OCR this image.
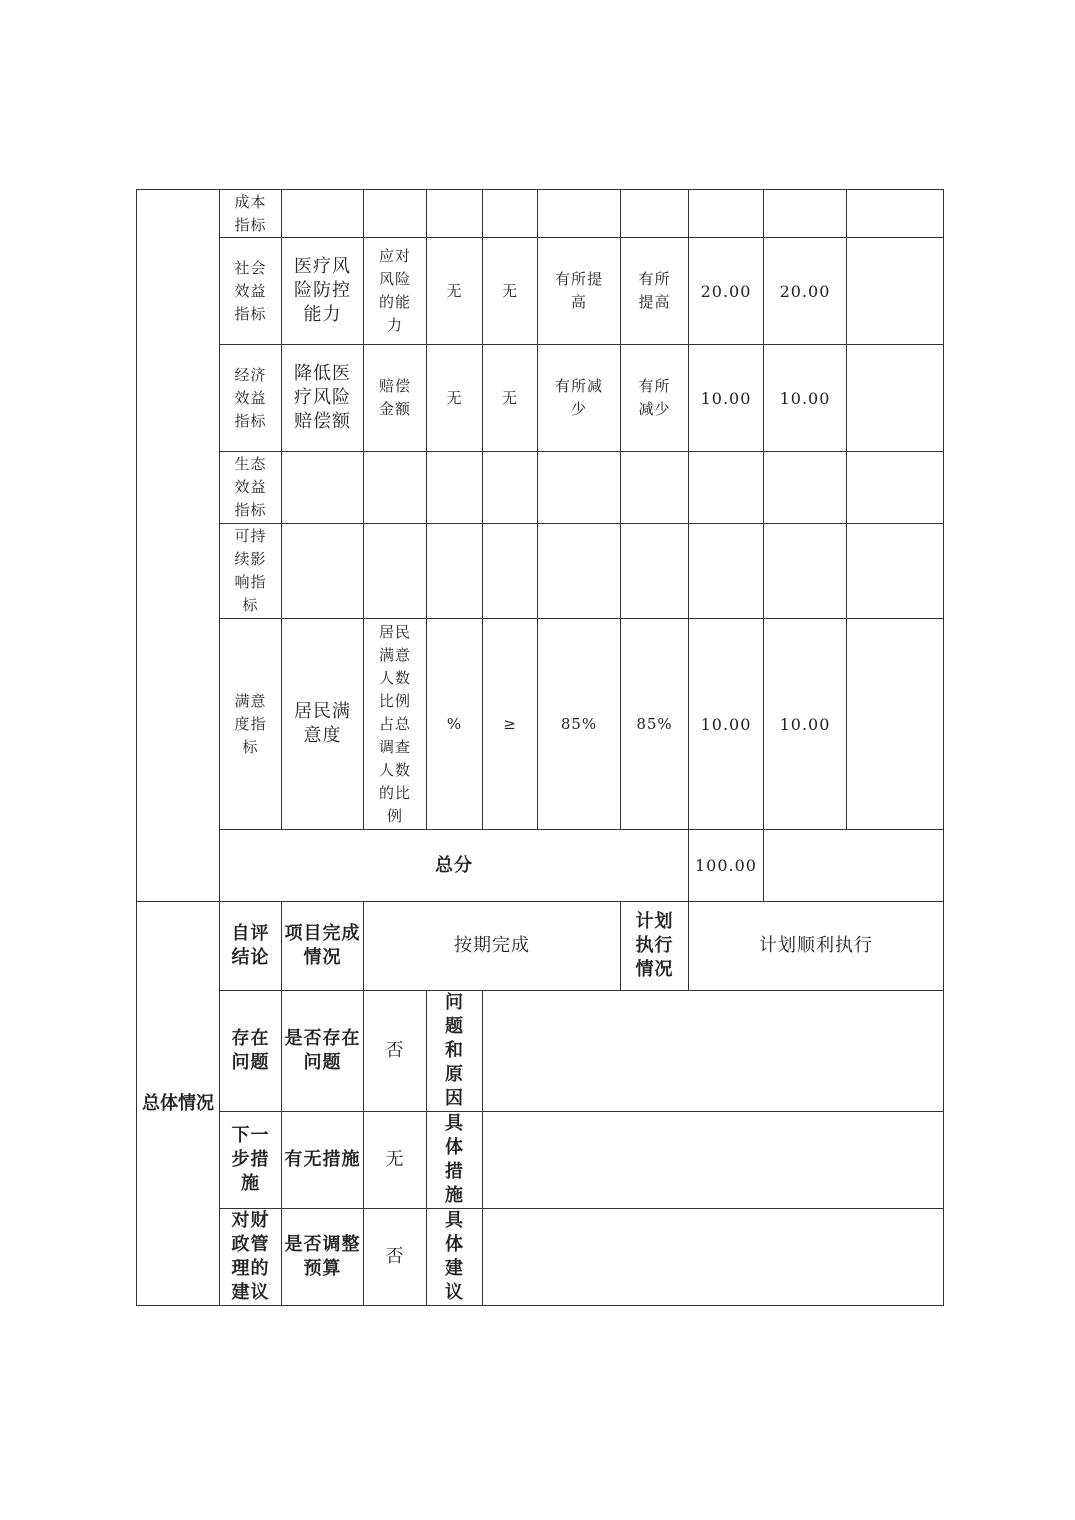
	成本指标									
	社会效益指标	医疗风险防控能力	应对风险的能力	无	无	有所提高	有所提高	20.00	20.00	
	经济效益指标	降低医疗风险赔偿额	赔偿金额	无	无	有所减少	有所减少	10.00	10.00	
	生态效益指标									
	可持续影响指标									
	满意度指标	居民满意度	居民满意人数比例占总调查人数的比例	%	≥	85%	85%	10.00	10.00	
	总分							100.00		
总体情况	自评结论	项目完成情况	按期完成				计划执行情况	计划顺利执行		
	存在问题	是否存在问题	否	问题和原因						
	下一步措施	有无措施	无	具体措施						
	对财政管理的建议	是否调整预算	否	具体建议						
